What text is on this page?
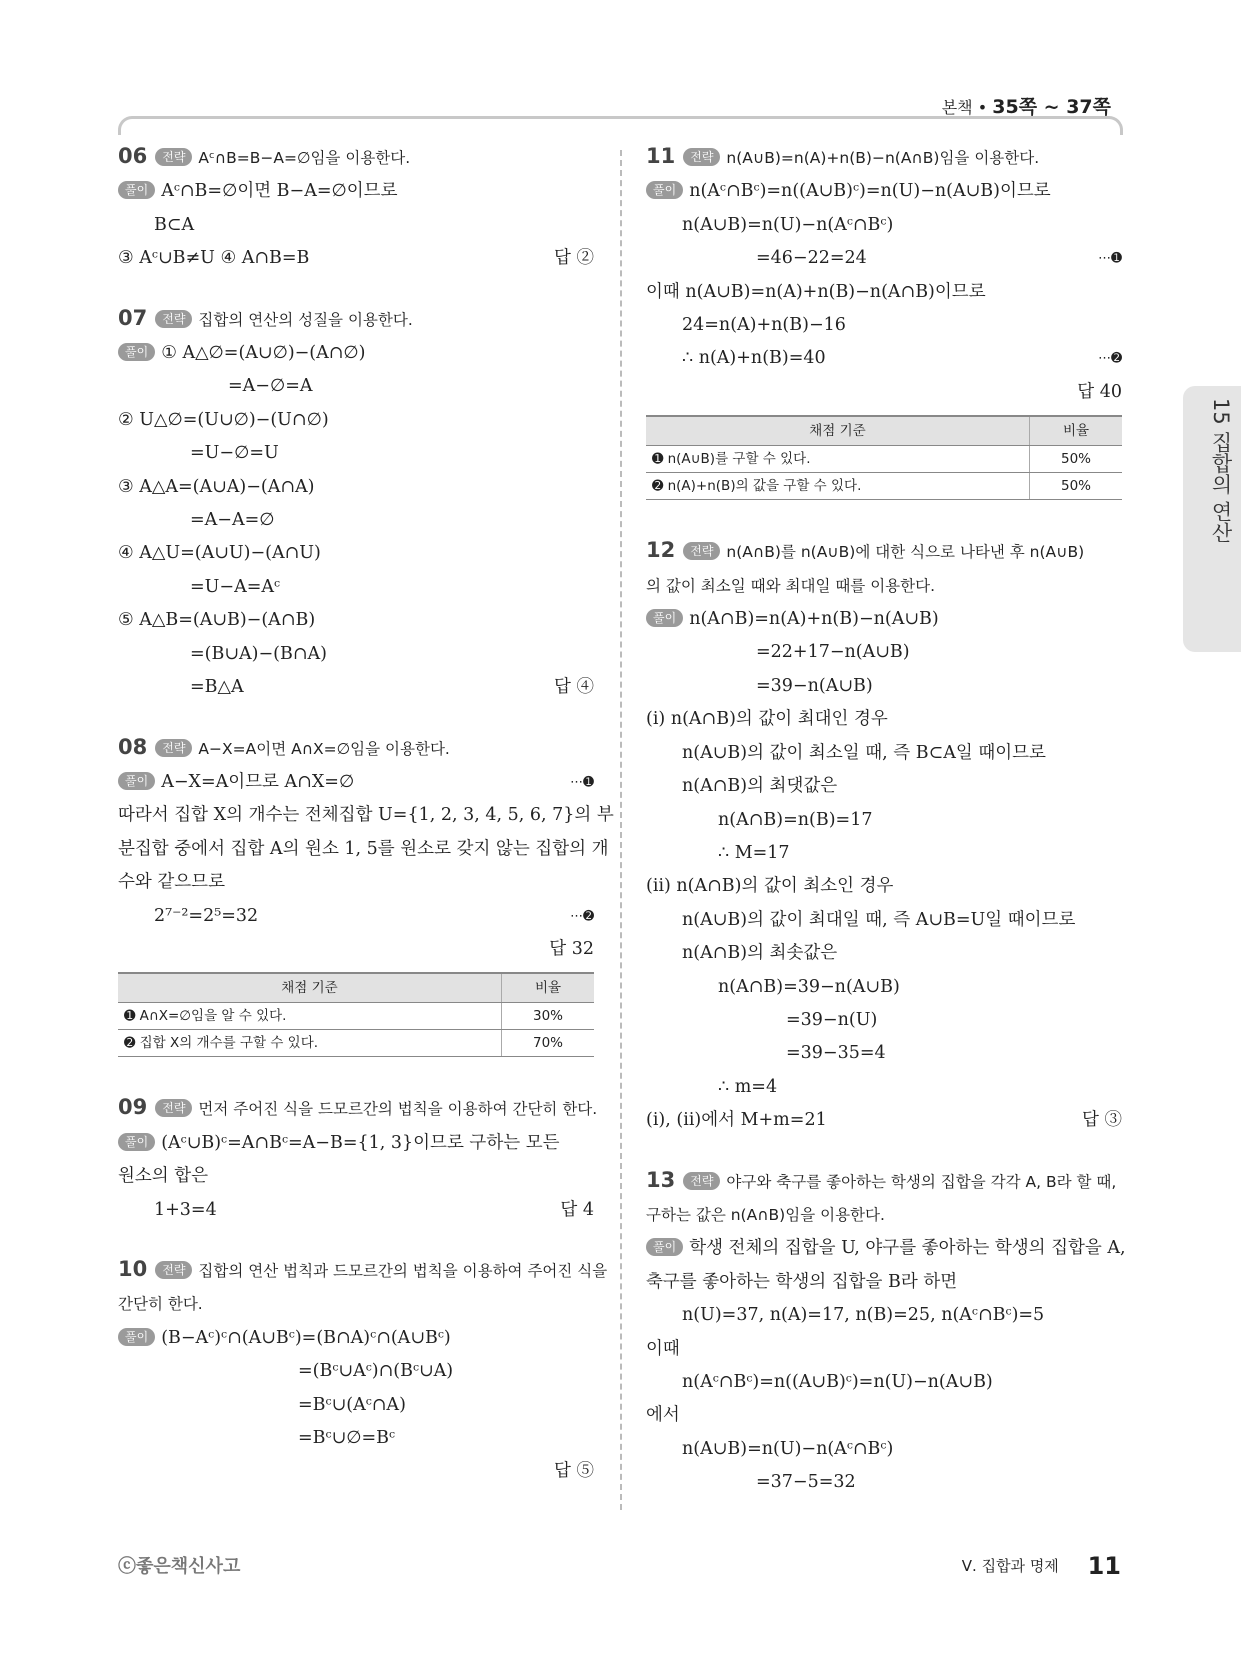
본책 • 35쪽 ~ 37쪽
15 집합의 연산
06 전략 Aᶜ∩B=B−A=∅임을 이용한다.
풀이 Aᶜ∩B=∅이면 B−A=∅이므로
B⊂A
③ Aᶜ∪B≠U ④ A∩B=B	답 ②
07 전략 집합의 연산의 성질을 이용한다.
풀이 ① A△∅=(A∪∅)−(A∩∅)
=A−∅=A
② U△∅=(U∪∅)−(U∩∅)
=U−∅=U
③ A△A=(A∪A)−(A∩A)
=A−A=∅
④ A△U=(A∪U)−(A∩U)
=U−A=Aᶜ
⑤ A△B=(A∪B)−(A∩B)
=(B∪A)−(B∩A)
=B△A	답 ④
08 전략 A−X=A이면 A∩X=∅임을 이용한다.
풀이 A−X=A이므로 A∩X=∅	⋯➊
따라서 집합 X의 개수는 전체집합 U={1, 2, 3, 4, 5, 6, 7}의 부
분집합 중에서 집합 A의 원소 1, 5를 원소로 갖지 않는 집합의 개
수와 같으므로
2⁷⁻²=2⁵=32	⋯➋
답 32

채점 기준	비율
➊ A∩X=∅임을 알 수 있다.	30%
➋ 집합 X의 개수를 구할 수 있다.	70%
09 전략 먼저 주어진 식을 드모르간의 법칙을 이용하여 간단히 한다.
풀이 (Aᶜ∪B)ᶜ=A∩Bᶜ=A−B={1, 3}이므로 구하는 모든
원소의 합은
1+3=4	답 4
10 전략 집합의 연산 법칙과 드모르간의 법칙을 이용하여 주어진 식을
간단히 한다.
풀이 (B−Aᶜ)ᶜ∩(A∪Bᶜ)=(B∩A)ᶜ∩(A∪Bᶜ)
=(Bᶜ∪Aᶜ)∩(Bᶜ∪A)
=Bᶜ∪(Aᶜ∩A)
=Bᶜ∪∅=Bᶜ
답 ⑤

11 전략 n(A∪B)=n(A)+n(B)−n(A∩B)임을 이용한다.
풀이 n(Aᶜ∩Bᶜ)=n((A∪B)ᶜ)=n(U)−n(A∪B)이므로
n(A∪B)=n(U)−n(Aᶜ∩Bᶜ)
=46−22=24	⋯➊
이때 n(A∪B)=n(A)+n(B)−n(A∩B)이므로
24=n(A)+n(B)−16
∴ n(A)+n(B)=40	⋯➋
답 40

채점 기준	비율
➊ n(A∪B)를 구할 수 있다.	50%
➋ n(A)+n(B)의 값을 구할 수 있다.	50%
12 전략 n(A∩B)를 n(A∪B)에 대한 식으로 나타낸 후 n(A∪B)
의 값이 최소일 때와 최대일 때를 이용한다.
풀이 n(A∩B)=n(A)+n(B)−n(A∪B)
=22+17−n(A∪B)
=39−n(A∪B)
(ⅰ) n(A∩B)의 값이 최대인 경우
n(A∪B)의 값이 최소일 때, 즉 B⊂A일 때이므로
n(A∩B)의 최댓값은
n(A∩B)=n(B)=17
∴ M=17
(ⅱ) n(A∩B)의 값이 최소인 경우
n(A∪B)의 값이 최대일 때, 즉 A∪B=U일 때이므로
n(A∩B)의 최솟값은
n(A∩B)=39−n(A∪B)
=39−n(U)
=39−35=4
∴ m=4
(ⅰ), (ⅱ)에서 M+m=21	답 ③
13 전략 야구와 축구를 좋아하는 학생의 집합을 각각 A, B라 할 때,
구하는 값은 n(A∩B)임을 이용한다.
풀이 학생 전체의 집합을 U, 야구를 좋아하는 학생의 집합을 A,
축구를 좋아하는 학생의 집합을 B라 하면
n(U)=37, n(A)=17, n(B)=25, n(Aᶜ∩Bᶜ)=5
이때
n(Aᶜ∩Bᶜ)=n((A∪B)ᶜ)=n(U)−n(A∪B)
에서
n(A∪B)=n(U)−n(Aᶜ∩Bᶜ)
=37−5=32
ⓒ좋은책신사고	Ⅴ. 집합과 명제 11
